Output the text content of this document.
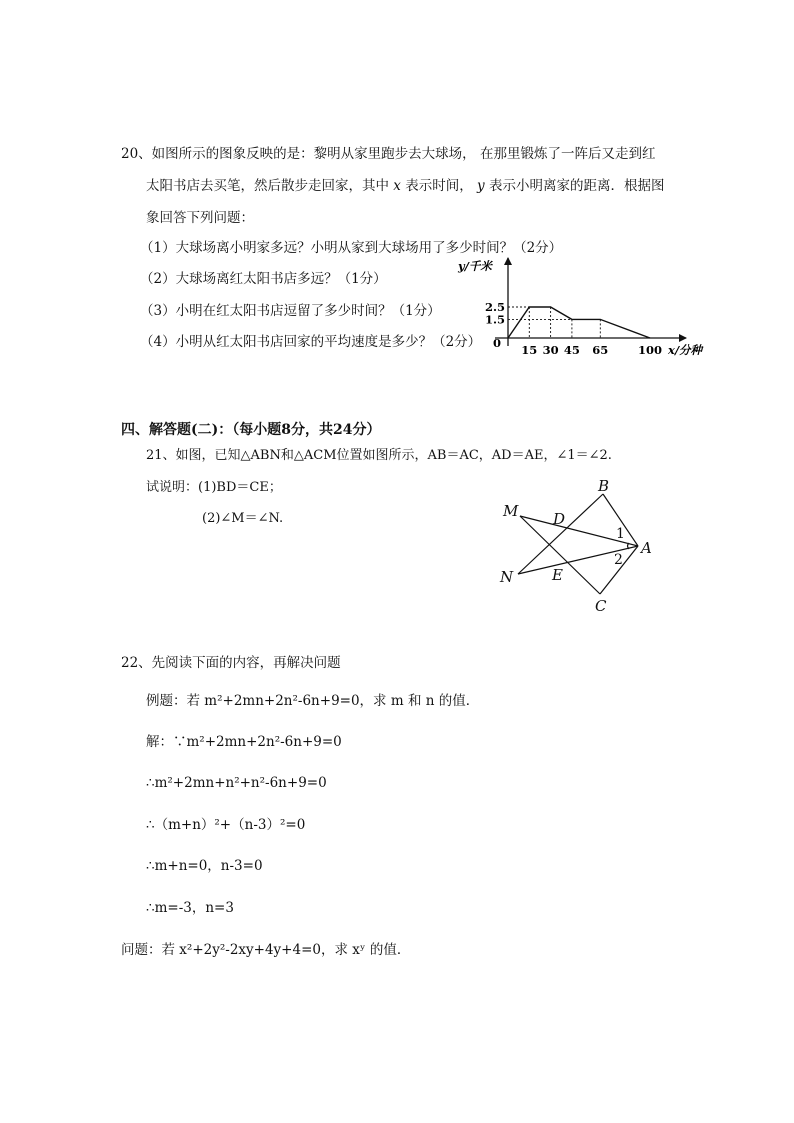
20、如图所示的图象反映的是：黎明从家里跑步去大球场， 在那里锻炼了一阵后又走到红
太阳书店去买笔，然后散步走回家，其中 x 表示时间， y 表示小明离家的距离．根据图
象回答下列问题：
（1）大球场离小明家多远？小明从家到大球场用了多少时间？（2分）
（2）大球场离红太阳书店多远？（1分）
（3）小明在红太阳书店逗留了多少时间？（1分）
（4）小明从红太阳书店回家的平均速度是多少？（2分）	15 30 45 65	100
2.5
1.5
y/千米
x/分种
0
四、解答题(二)：（每小题8分，共24分）
21、如图，已知△ABN和△ACM位置如图所示，AB＝AC，AD＝AE，∠1＝∠2.
试说明：(1)BD＝CE；
(2)∠M＝∠N.
B
M D
A
N	E
C
1
2
22、先阅读下面的内容，再解决问题
例题：若 m²+2mn+2n²-6n+9=0，求 m 和 n 的值．
解：∵m²+2mn+2n²-6n+9=0
∴m²+2mn+n²+n²-6n+9=0
∴（m+n）²+（n-3）²=0
∴m+n=0，n-3=0
∴m=-3，n=3
问题：若 x²+2y²-2xy+4y+4=0，求 xʸ 的值．
